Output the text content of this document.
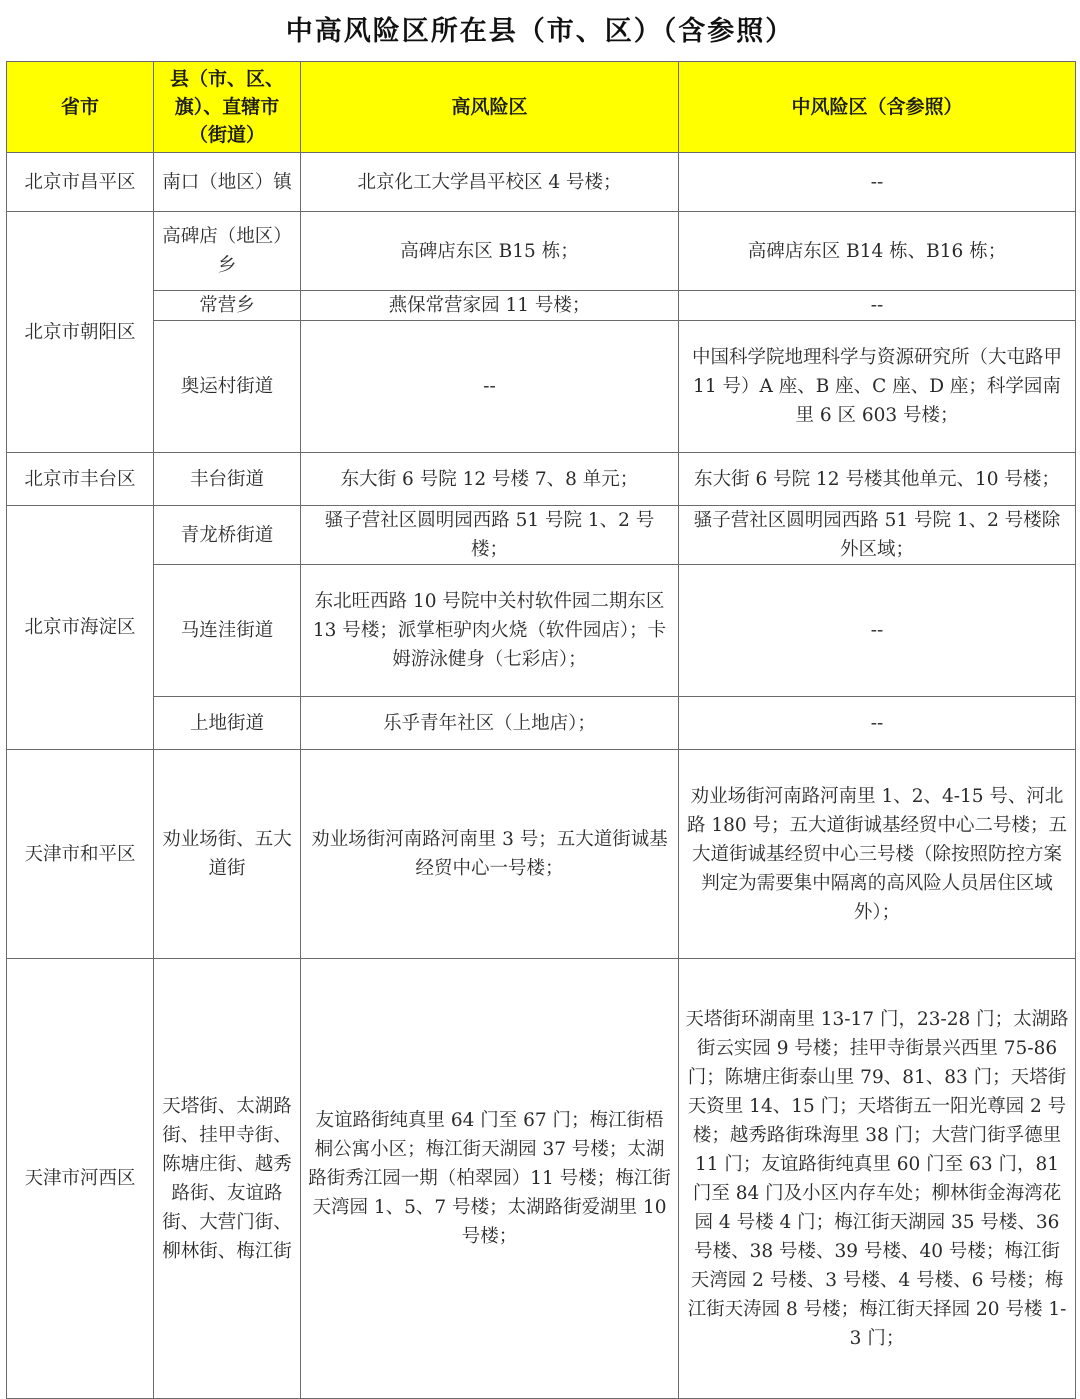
中高风险区所在县（市、区）（含参照）
省市	县（市、区、旗）、直辖市（街道）	高风险区	中风险区（含参照）
北京市昌平区	南口（地区）镇	北京化工大学昌平校区 4 号楼；	--
北京市朝阳区	高碑店（地区）乡	高碑店东区 B15 栋；	高碑店东区 B14 栋、B16 栋；
	常营乡	燕保常营家园 11 号楼；	--
	奥运村街道	--	中国科学院地理科学与资源研究所（大屯路甲 11 号）A 座、B 座、C 座、D 座；科学园南里 6 区 603 号楼；
北京市丰台区	丰台街道	东大街 6 号院 12 号楼 7、8 单元；	东大街 6 号院 12 号楼其他单元、10 号楼；
北京市海淀区	青龙桥街道	骚子营社区圆明园西路 51 号院 1、2 号楼；	骚子营社区圆明园西路 51 号院 1、2 号楼除外区域；
	马连洼街道	东北旺西路 10 号院中关村软件园二期东区 13 号楼；派掌柜驴肉火烧（软件园店）；卡姆游泳健身（七彩店）；	--
	上地街道	乐乎青年社区（上地店）；	--
天津市和平区	劝业场街、五大道街	劝业场街河南路河南里 3 号；五大道街诚基经贸中心一号楼；	劝业场街河南路河南里 1、2、4-15 号、河北路 180 号；五大道街诚基经贸中心二号楼；五大道街诚基经贸中心三号楼（除按照防控方案判定为需要集中隔离的高风险人员居住区域外）；
天津市河西区	天塔街、太湖路街、挂甲寺街、陈塘庄街、越秀路街、友谊路街、大营门街、柳林街、梅江街	友谊路街纯真里 64 门至 67 门；梅江街梧桐公寓小区；梅江街天湖园 37 号楼；太湖路街秀江园一期（柏翠园）11 号楼；梅江街天湾园 1、5、7 号楼；太湖路街爱湖里 10 号楼；	天塔街环湖南里 13-17 门，23-28 门；太湖路街云实园 9 号楼；挂甲寺街景兴西里 75-86 门；陈塘庄街泰山里 79、81、83 门；天塔街天资里 14、15 门；天塔街五一阳光尊园 2 号楼；越秀路街珠海里 38 门；大营门街孚德里 11 门；友谊路街纯真里 60 门至 63 门，81 门至 84 门及小区内存车处；柳林街金海湾花园 4 号楼 4 门；梅江街天湖园 35 号楼、36 号楼、38 号楼、39 号楼、40 号楼；梅江街天湾园 2 号楼、3 号楼、4 号楼、6 号楼；梅江街天涛园 8 号楼；梅江街天择园 20 号楼 1-3 门；
